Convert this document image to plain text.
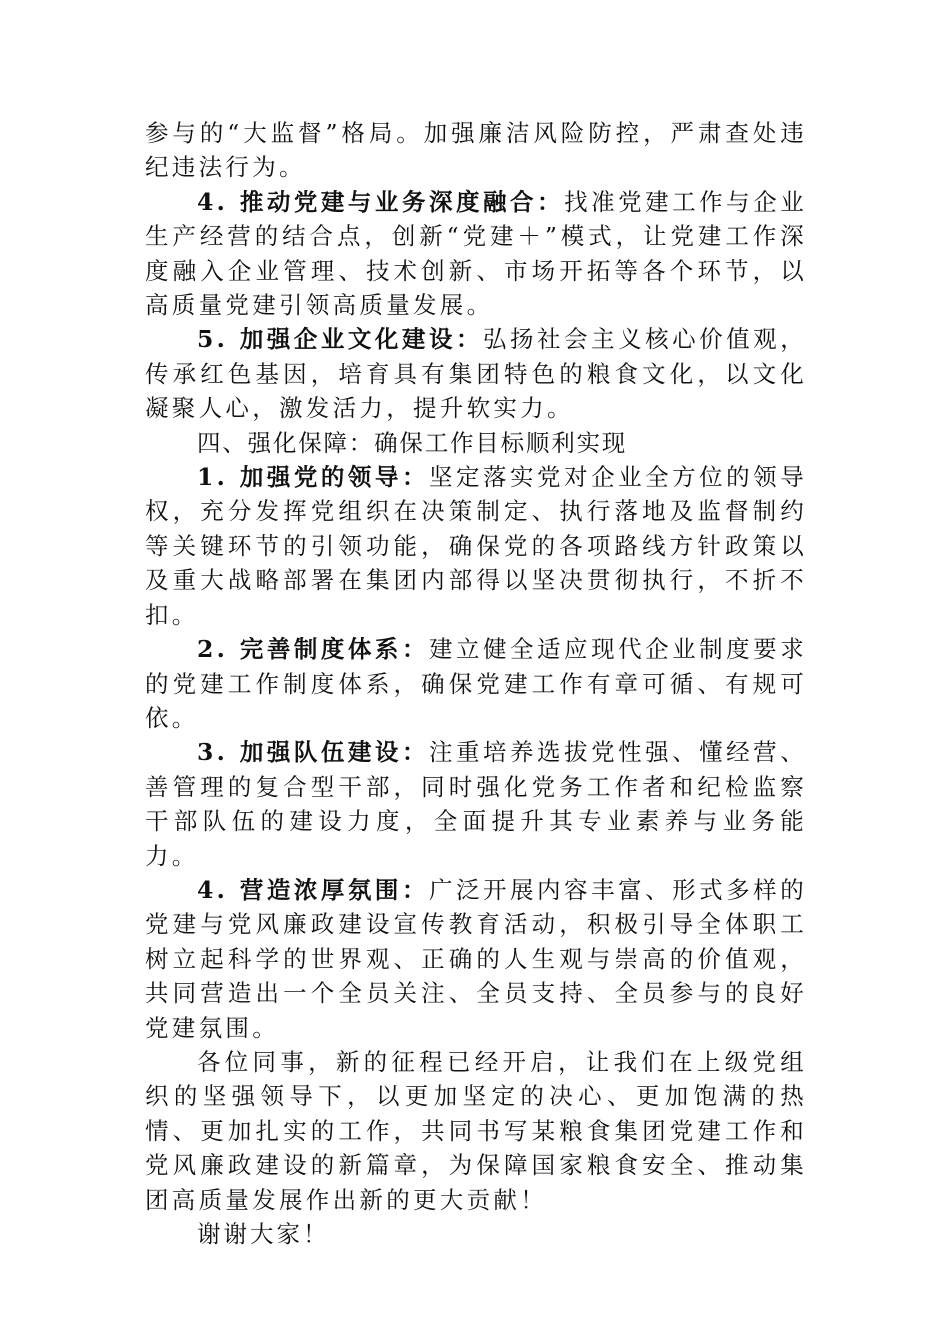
参与的“大监督”格局。加强廉洁风险防控，严肃查处违纪违法行为。

4. 推动党建与业务深度融合：找准党建工作与企业生产经营的结合点，创新“党建＋”模式，让党建工作深度融入企业管理、技术创新、市场开拓等各个环节，以高质量党建引领高质量发展。

5. 加强企业文化建设：弘扬社会主义核心价值观，传承红色基因，培育具有集团特色的粮食文化，以文化凝聚人心，激发活力，提升软实力。

四、强化保障：确保工作目标顺利实现

1. 加强党的领导：坚定落实党对企业全方位的领导权，充分发挥党组织在决策制定、执行落地及监督制约等关键环节的引领功能，确保党的各项路线方针政策以及重大战略部署在集团内部得以坚决贯彻执行，不折不扣。

2. 完善制度体系：建立健全适应现代企业制度要求的党建工作制度体系，确保党建工作有章可循、有规可依。

3. 加强队伍建设：注重培养选拔党性强、懂经营、善管理的复合型干部，同时强化党务工作者和纪检监察干部队伍的建设力度，全面提升其专业素养与业务能力。

4. 营造浓厚氛围：广泛开展内容丰富、形式多样的党建与党风廉政建设宣传教育活动，积极引导全体职工树立起科学的世界观、正确的人生观与崇高的价值观，共同营造出一个全员关注、全员支持、全员参与的良好党建氛围。

各位同事，新的征程已经开启，让我们在上级党组织的坚强领导下，以更加坚定的决心、更加饱满的热情、更加扎实的工作，共同书写某粮食集团党建工作和党风廉政建设的新篇章，为保障国家粮食安全、推动集团高质量发展作出新的更大贡献！

谢谢大家！
